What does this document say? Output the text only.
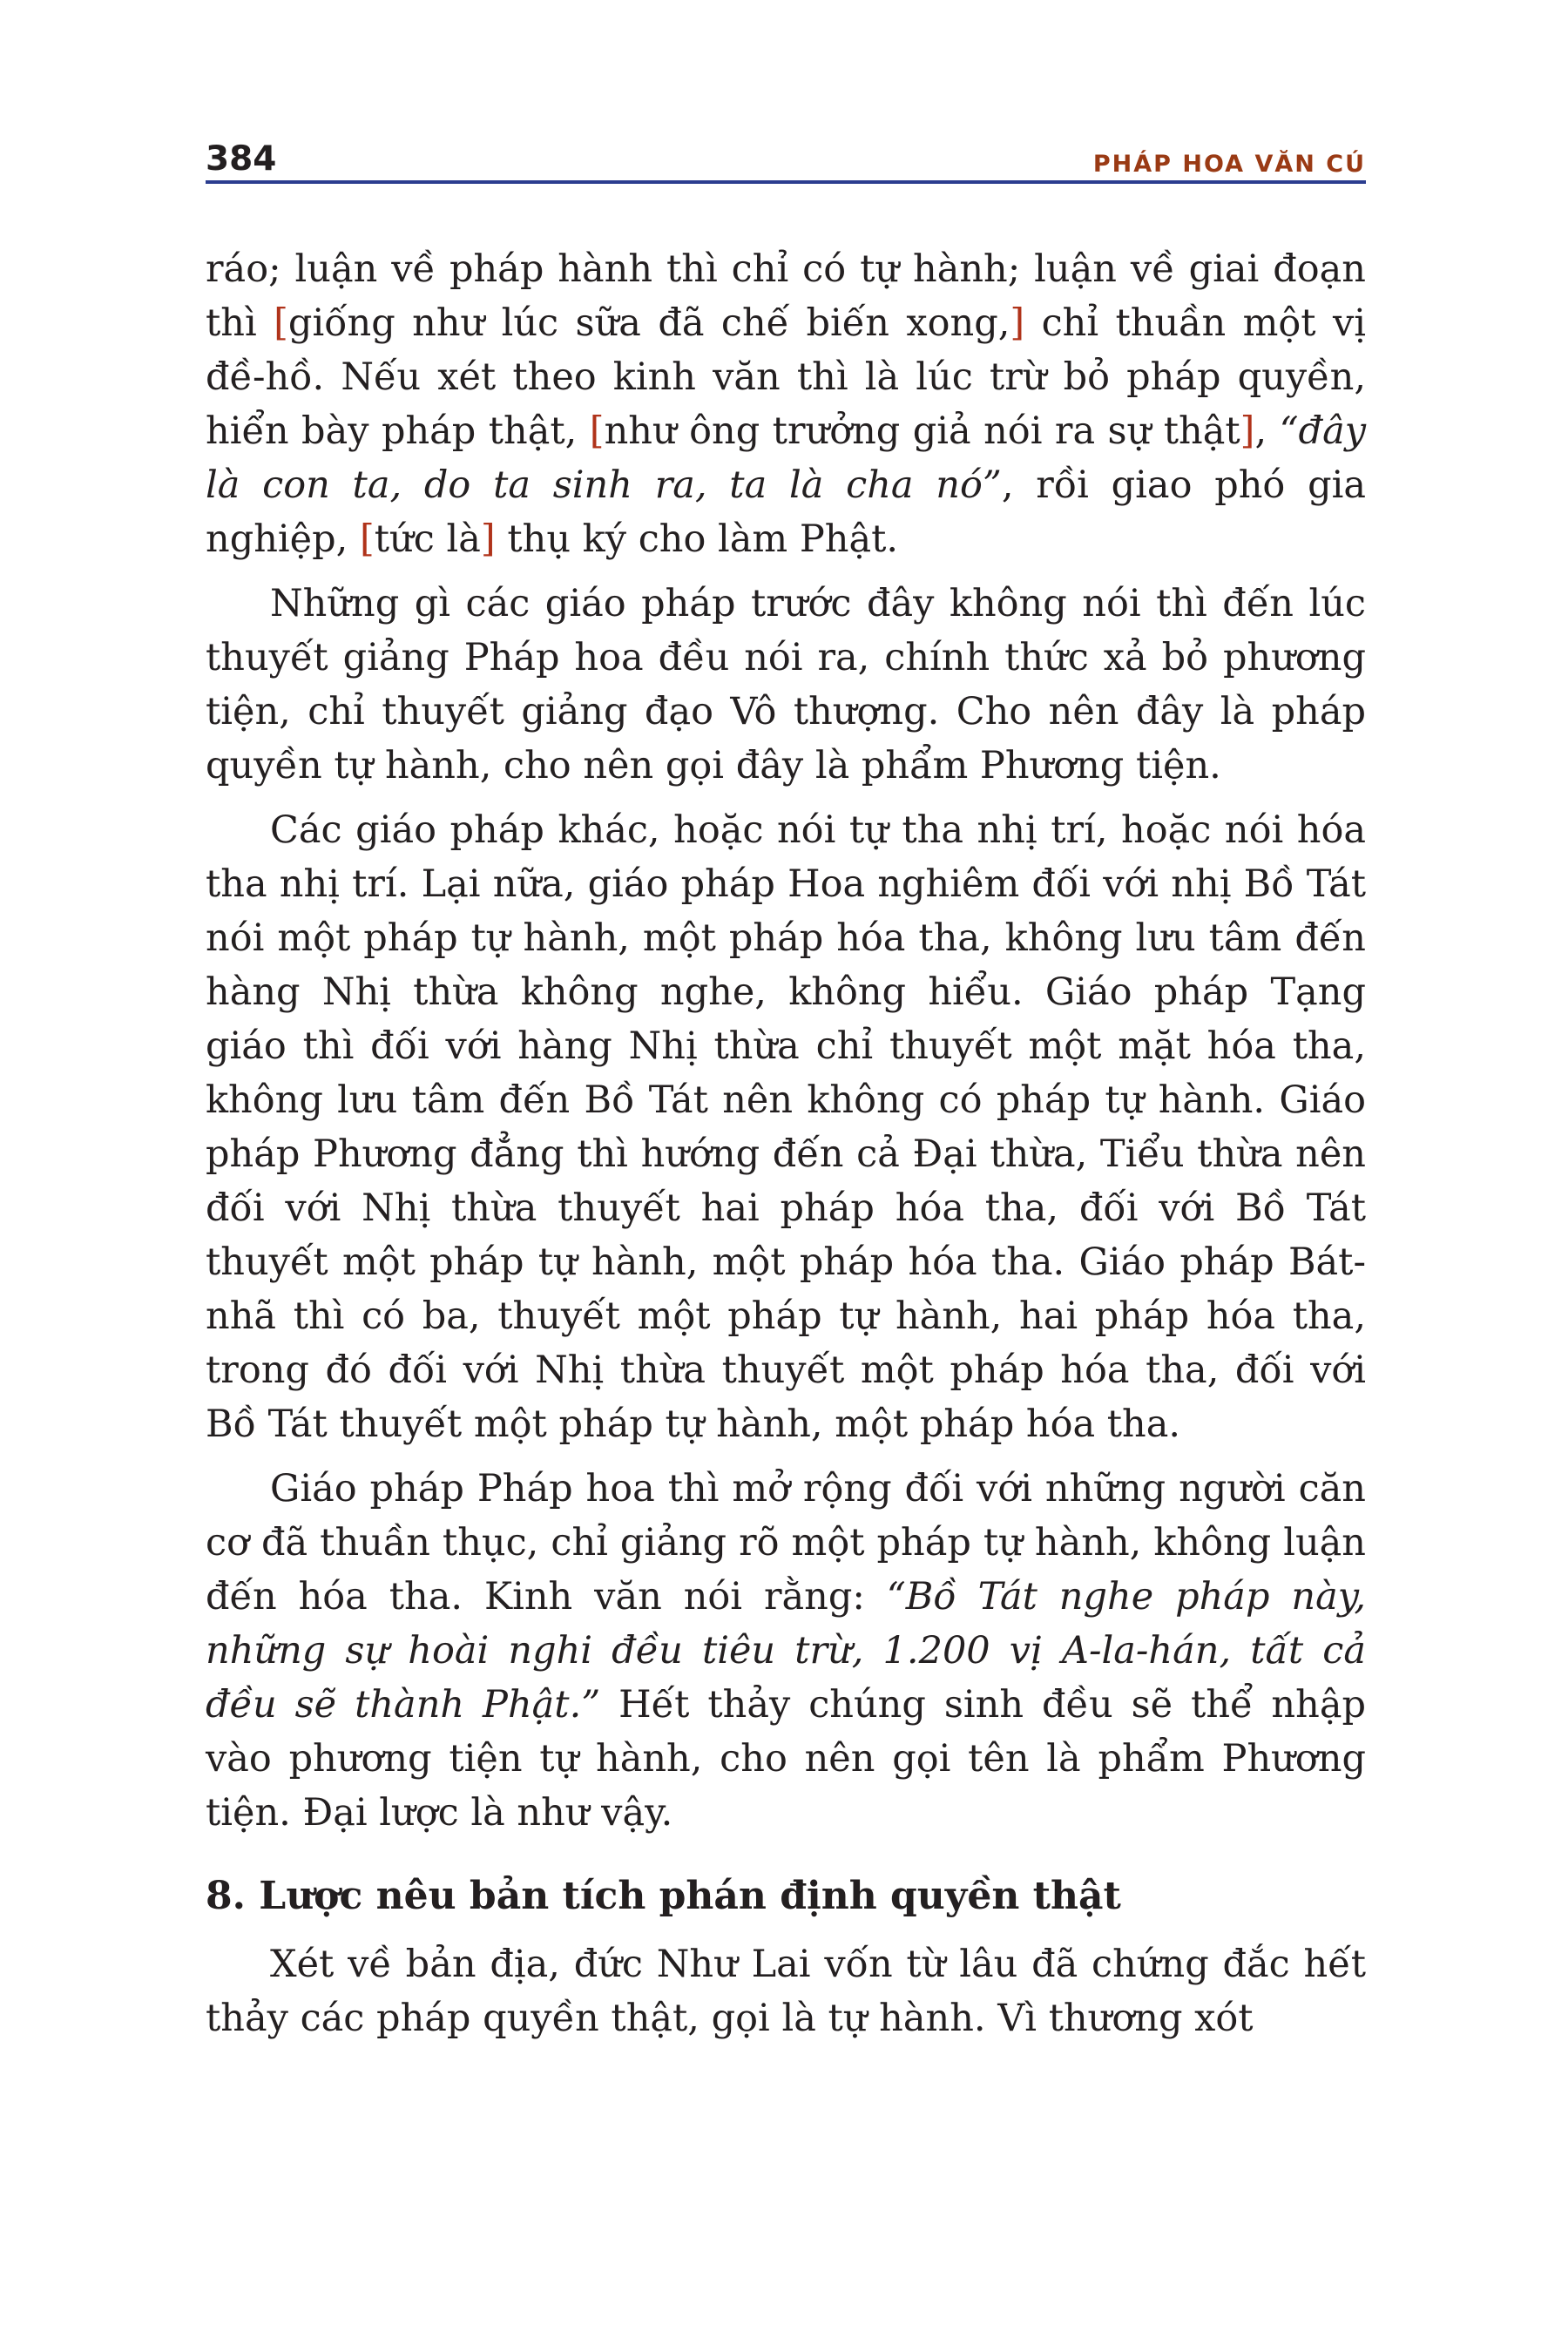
384	PHÁP HOA VĂN CÚ

ráo; luận về pháp hành thì chỉ có tự hành; luận về giai đoạn thì [giống như lúc sữa đã chế biến xong,] chỉ thuần một vị đề-hồ. Nếu xét theo kinh văn thì là lúc trừ bỏ pháp quyền, hiển bày pháp thật, [như ông trưởng giả nói ra sự thật], “đây là con ta, do ta sinh ra, ta là cha nó”, rồi giao phó gia nghiệp, [tức là] thụ ký cho làm Phật.

Những gì các giáo pháp trước đây không nói thì đến lúc thuyết giảng Pháp hoa đều nói ra, chính thức xả bỏ phương tiện, chỉ thuyết giảng đạo Vô thượng. Cho nên đây là pháp quyền tự hành, cho nên gọi đây là phẩm Phương tiện.

Các giáo pháp khác, hoặc nói tự tha nhị trí, hoặc nói hóa tha nhị trí. Lại nữa, giáo pháp Hoa nghiêm đối với nhị Bồ Tát nói một pháp tự hành, một pháp hóa tha, không lưu tâm đến hàng Nhị thừa không nghe, không hiểu. Giáo pháp Tạng giáo thì đối với hàng Nhị thừa chỉ thuyết một mặt hóa tha, không lưu tâm đến Bồ Tát nên không có pháp tự hành. Giáo pháp Phương đẳng thì hướng đến cả Đại thừa, Tiểu thừa nên đối với Nhị thừa thuyết hai pháp hóa tha, đối với Bồ Tát thuyết một pháp tự hành, một pháp hóa tha. Giáo pháp Bát-nhã thì có ba, thuyết một pháp tự hành, hai pháp hóa tha, trong đó đối với Nhị thừa thuyết một pháp hóa tha, đối với Bồ Tát thuyết một pháp tự hành, một pháp hóa tha.

Giáo pháp Pháp hoa thì mở rộng đối với những người căn cơ đã thuần thục, chỉ giảng rõ một pháp tự hành, không luận đến hóa tha. Kinh văn nói rằng: “Bồ Tát nghe pháp này, những sự hoài nghi đều tiêu trừ, 1.200 vị A-la-hán, tất cả đều sẽ thành Phật.” Hết thảy chúng sinh đều sẽ thể nhập vào phương tiện tự hành, cho nên gọi tên là phẩm Phương tiện. Đại lược là như vậy.

8. Lược nêu bản tích phán định quyền thật

Xét về bản địa, đức Như Lai vốn từ lâu đã chứng đắc hết thảy các pháp quyền thật, gọi là tự hành. Vì thương xót
